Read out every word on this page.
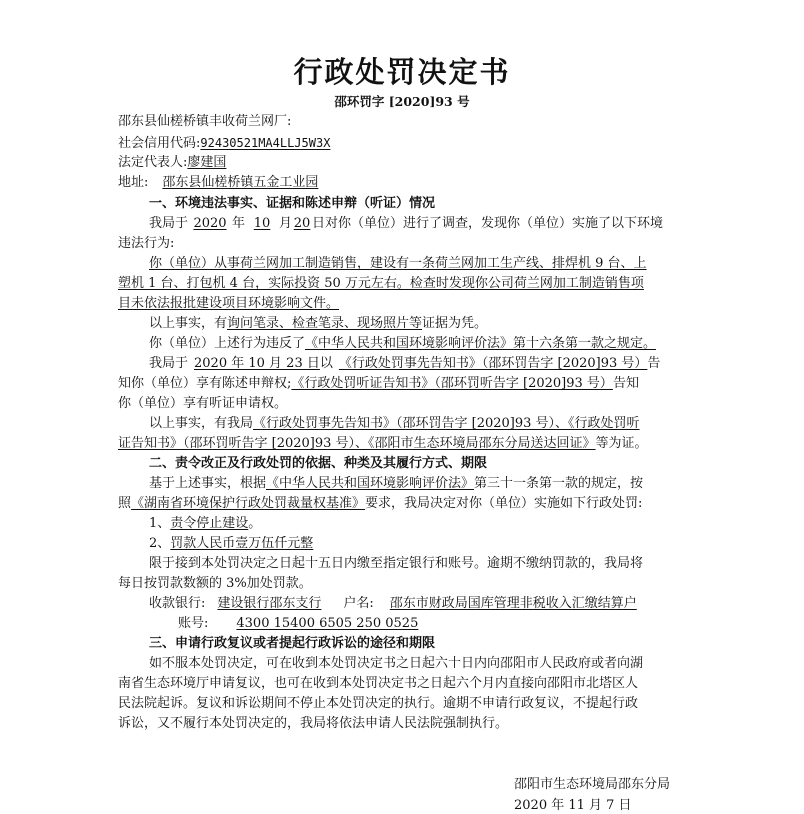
行政处罚决定书
邵环罚字 [2020]93 号
邵东县仙槎桥镇丰收荷兰网厂:
社会信用代码:92430521MA4LLJ5W3X
法定代表人:廖建国
地址: 邵东县仙槎桥镇五金工业园
一、环境违法事实、证据和陈述申辩（听证）情况
我局于 2020 年 10 月 20 日对你（单位）进行了调查，发现你（单位）实施了以下环境
违法行为:
你（单位）从事荷兰网加工制造销售，建设有一条荷兰网加工生产线、排焊机 9 台、上
塑机 1 台、打包机 4 台，实际投资 50 万元左右。检查时发现你公司荷兰网加工制造销售项
目未依法报批建设项目环境影响文件。
以上事实，有询问笔录、检查笔录、现场照片等证据为凭。
你（单位）上述行为违反了《中华人民共和国环境影响评价法》第十六条第一款之规定。
我局于 2020 年 10 月 23 日以 《行政处罚事先告知书》（邵环罚告字 [2020]93 号）告
知你（单位）享有陈述申辩权;《行政处罚听证告知书》（邵环罚听告字 [2020]93 号）告知
你（单位）享有听证申请权。
以上事实，有我局《行政处罚事先告知书》（邵环罚告字 [2020]93 号）、《行政处罚听
证告知书》（邵环罚听告字 [2020]93 号）、《邵阳市生态环境局邵东分局送达回证》等为证。
二、责令改正及行政处罚的依据、种类及其履行方式、期限
基于上述事实，根据《中华人民共和国环境影响评价法》第三十一条第一款的规定，按
照《湖南省环境保护行政处罚裁量权基准》要求，我局决定对你（单位）实施如下行政处罚:
1、责令停止建设。
2、罚款人民币壹万伍仟元整
限于接到本处罚决定之日起十五日内缴至指定银行和账号。逾期不缴纳罚款的，我局将
每日按罚款数额的 3%加处罚款。
收款银行: 建设银行邵东支行 户名: 邵东市财政局国库管理非税收入汇缴结算户
账号: 4300 15400 6505 250 0525
三、申请行政复议或者提起行政诉讼的途径和期限
如不服本处罚决定，可在收到本处罚决定书之日起六十日内向邵阳市人民政府或者向湖
南省生态环境厅申请复议，也可在收到本处罚决定书之日起六个月内直接向邵阳市北塔区人
民法院起诉。复议和诉讼期间不停止本处罚决定的执行。逾期不申请行政复议，不提起行政
诉讼，又不履行本处罚决定的，我局将依法申请人民法院强制执行。
邵阳市生态环境局邵东分局
2020 年 11 月 7 日
